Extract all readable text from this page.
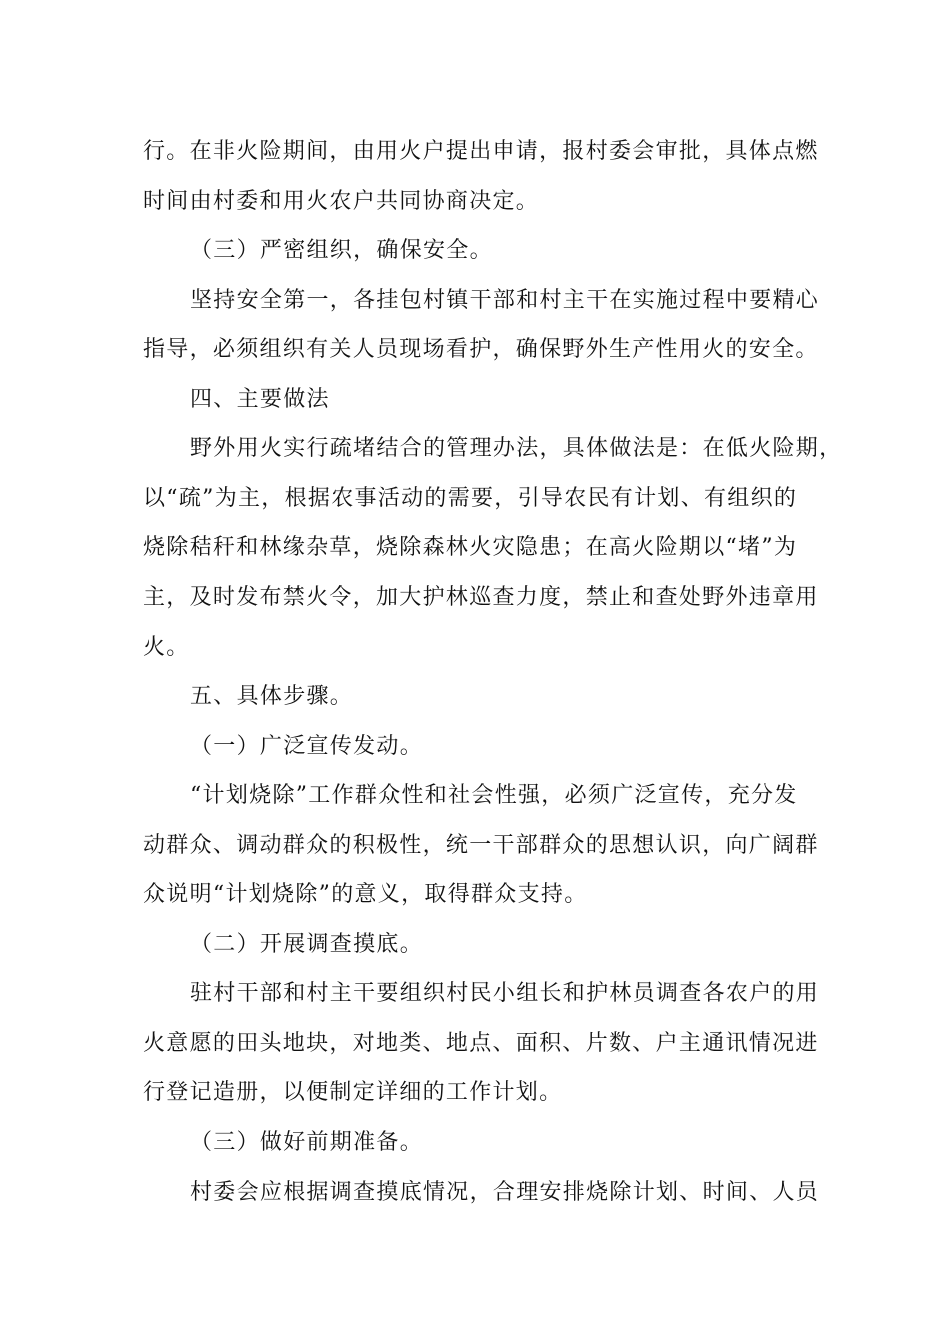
行。在非火险期间，由用火户提出申请，报村委会审批，具体点燃
时间由村委和用火农户共同协商决定。
（三）严密组织，确保安全。
坚持安全第一，各挂包村镇干部和村主干在实施过程中要精心
指导，必须组织有关人员现场看护，确保野外生产性用火的安全。
四、主要做法
野外用火实行疏堵结合的管理办法，具体做法是：在低火险期，
以“疏”为主，根据农事活动的需要，引导农民有计划、有组织的
烧除秸秆和林缘杂草，烧除森林火灾隐患；在高火险期以“堵”为
主，及时发布禁火令，加大护林巡查力度，禁止和查处野外违章用
火。
五、具体步骤。
（一）广泛宣传发动。
“计划烧除”工作群众性和社会性强，必须广泛宣传，充分发
动群众、调动群众的积极性，统一干部群众的思想认识，向广阔群
众说明“计划烧除”的意义，取得群众支持。
（二）开展调查摸底。
驻村干部和村主干要组织村民小组长和护林员调查各农户的用
火意愿的田头地块，对地类、地点、面积、片数、户主通讯情况进
行登记造册，以便制定详细的工作计划。
（三）做好前期准备。
村委会应根据调查摸底情况，合理安排烧除计划、时间、人员
